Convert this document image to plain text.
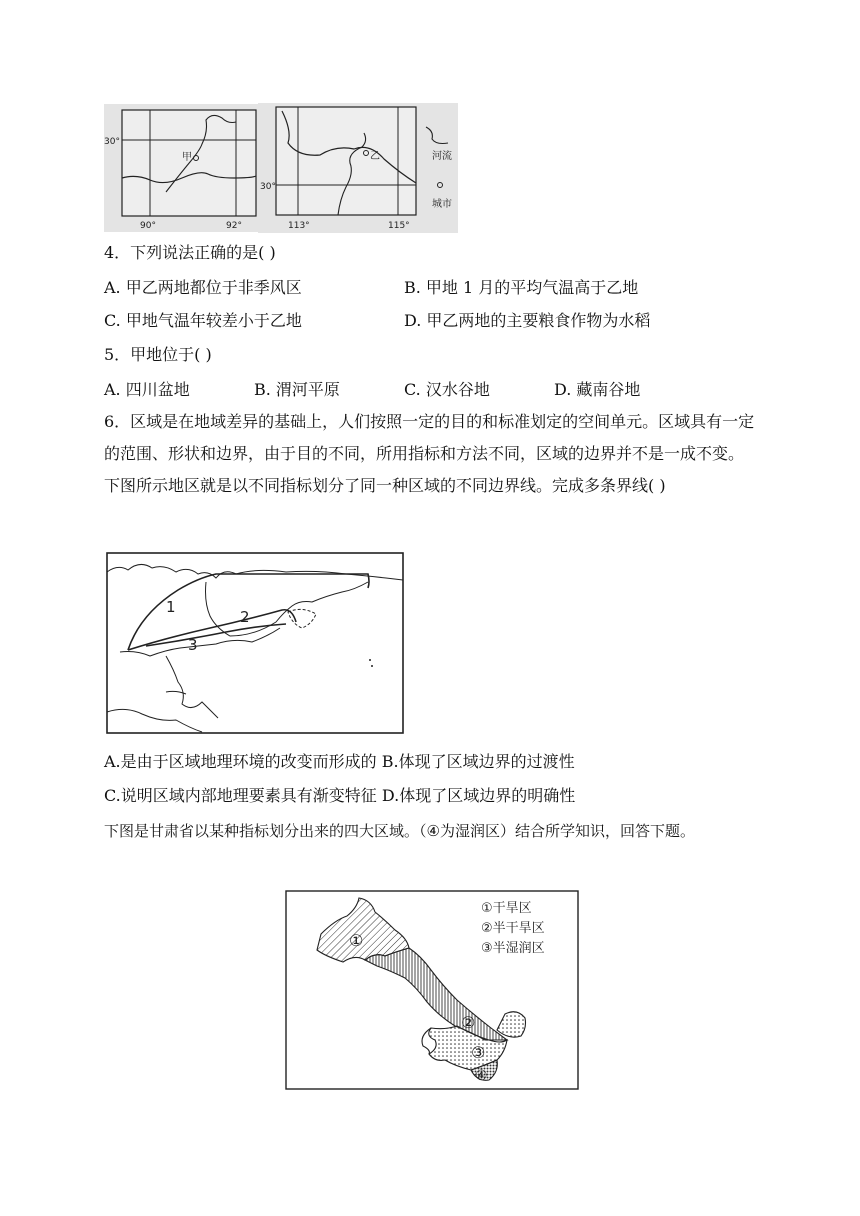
甲
30°
90°	92°
乙
30°
113°	115°
河流
城市
4．下列说法正确的是( )
A. 甲乙两地都位于非季风区	B. 甲地 1 月的平均气温高于乙地
C. 甲地气温年较差小于乙地	D. 甲乙两地的主要粮食作物为水稻
5．甲地位于( )
A. 四川盆地	B. 渭河平原	C. 汉水谷地	D. 藏南谷地
6．区域是在地域差异的基础上，人们按照一定的目的和标准划定的空间单元。区域具有一定的范围、形状和边界，由于目的不同，所用指标和方法不同，区域的边界并不是一成不变。下图所示地区就是以不同指标划分了同一种区域的不同边界线。完成多条界线( )
1
2
3
A.是由于区域地理环境的改变而形成的 B.体现了区域边界的过渡性
C.说明区域内部地理要素具有渐变特征 D.体现了区域边界的明确性
下图是甘肃省以某种指标划分出来的四大区域。（④为湿润区）结合所学知识，回答下题。
①干旱区
②半干旱区
③半湿润区
①
②
③
④
